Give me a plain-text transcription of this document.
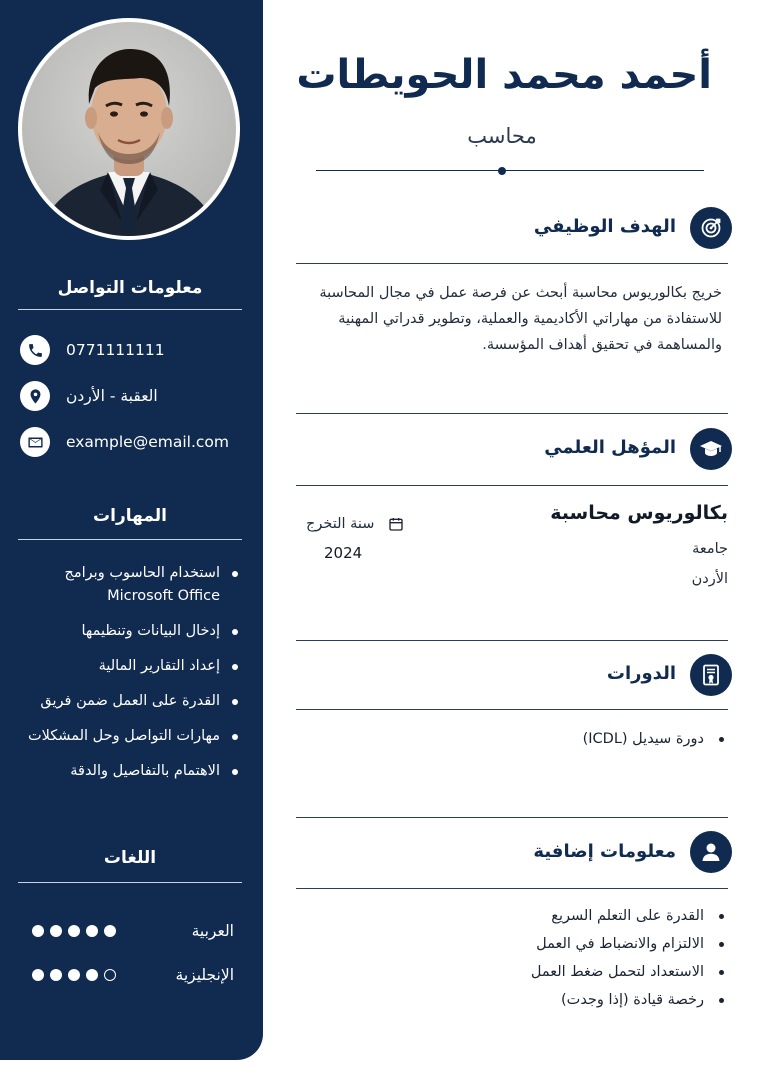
معلومات التواصل
0771111111
العقبة - الأردن
example@email.com
المهارات
استخدام الحاسوب وبرامج
Microsoft Office
إدخال البيانات وتنظيمها
إعداد التقارير المالية
القدرة على العمل ضمن فريق
مهارات التواصل وحل المشكلات
الاهتمام بالتفاصيل والدقة
اللغات
العربية
الإنجليزية
أحمد محمد الحويطات
محاسب
الهدف الوظيفي

خريج بكالوريوس محاسبة أبحث عن فرصة عمل في مجال المحاسبة للاستفادة من مهاراتي الأكاديمية والعملية، وتطوير قدراتي المهنية والمساهمة في تحقيق أهداف المؤسسة.

المؤهل العلمي
بكالوريوس محاسبة
جامعة
الأردن
سنة التخرج
2024
الدورات
دورة سيديل (ICDL)
معلومات إضافية
القدرة على التعلم السريع
الالتزام والانضباط في العمل
الاستعداد لتحمل ضغط العمل
رخصة قيادة (إذا وجدت)
